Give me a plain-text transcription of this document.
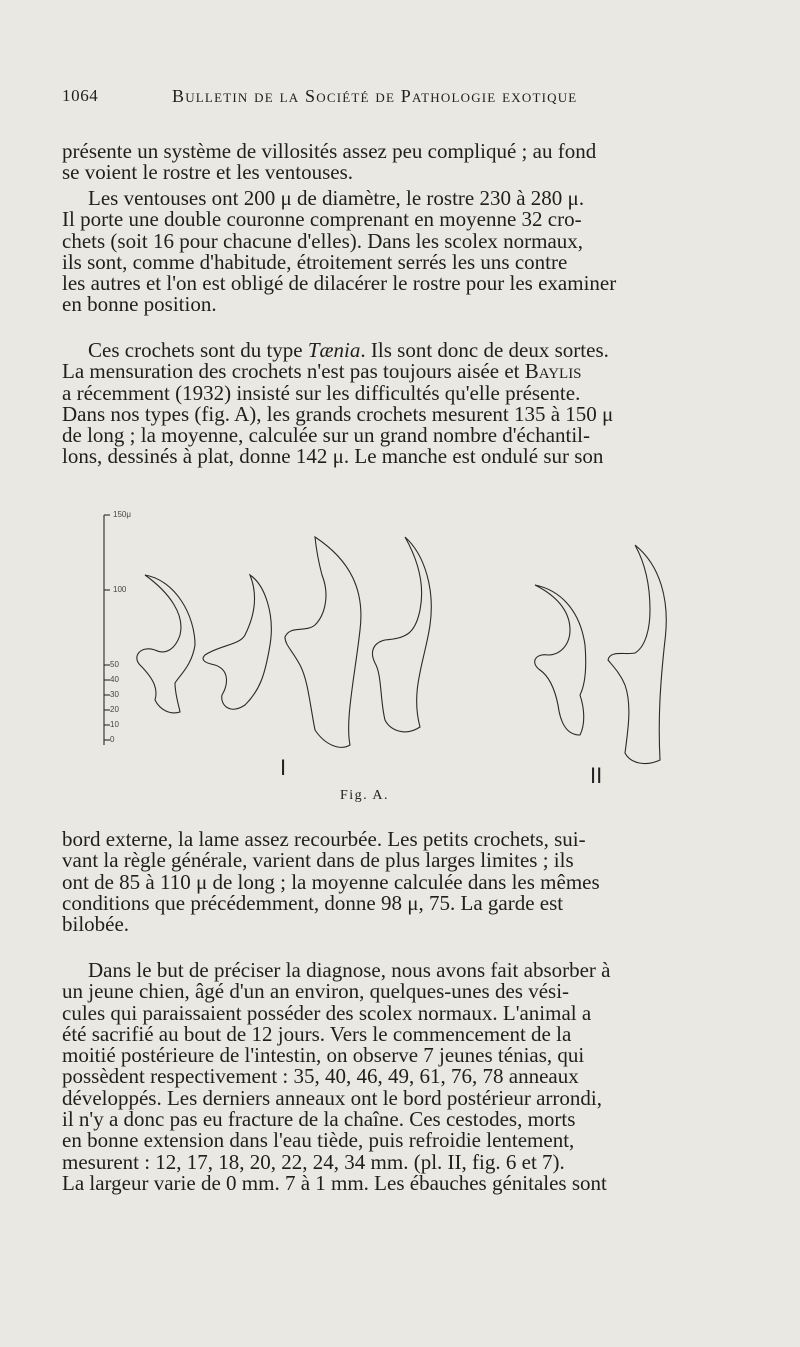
1064	Bulletin de la Société de Pathologie exotique
présente un système de villosités assez peu compliqué ; au fond
se voient le rostre et les ventouses.
Les ventouses ont 200 μ de diamètre, le rostre 230 à 280 μ.
Il porte une double couronne comprenant en moyenne 32 cro-
chets (soit 16 pour chacune d'elles). Dans les scolex normaux,
ils sont, comme d'habitude, étroitement serrés les uns contre
les autres et l'on est obligé de dilacérer le rostre pour les examiner
en bonne position.
Ces crochets sont du type Tænia. Ils sont donc de deux sortes.
La mensuration des crochets n'est pas toujours aisée et Baylis
a récemment (1932) insisté sur les difficultés qu'elle présente.
Dans nos types (fig. A), les grands crochets mesurent 135 à 150 μ
de long ; la moyenne, calculée sur un grand nombre d'échantil-
lons, dessinés à plat, donne 142 μ. Le manche est ondulé sur son
150μ
100
50
40
30
20
10
0
I	II
Fig. A.
bord externe, la lame assez recourbée. Les petits crochets, sui-
vant la règle générale, varient dans de plus larges limites ; ils
ont de 85 à 110 μ de long ; la moyenne calculée dans les mêmes
conditions que précédemment, donne 98 μ, 75. La garde est
bilobée.
Dans le but de préciser la diagnose, nous avons fait absorber à
un jeune chien, âgé d'un an environ, quelques-unes des vési-
cules qui paraissaient posséder des scolex normaux. L'animal a
été sacrifié au bout de 12 jours. Vers le commencement de la
moitié postérieure de l'intestin, on observe 7 jeunes ténias, qui
possèdent respectivement : 35, 40, 46, 49, 61, 76, 78 anneaux
développés. Les derniers anneaux ont le bord postérieur arrondi,
il n'y a donc pas eu fracture de la chaîne. Ces cestodes, morts
en bonne extension dans l'eau tiède, puis refroidie lentement,
mesurent : 12, 17, 18, 20, 22, 24, 34 mm. (pl. II, fig. 6 et 7).
La largeur varie de 0 mm. 7 à 1 mm. Les ébauches génitales sont
